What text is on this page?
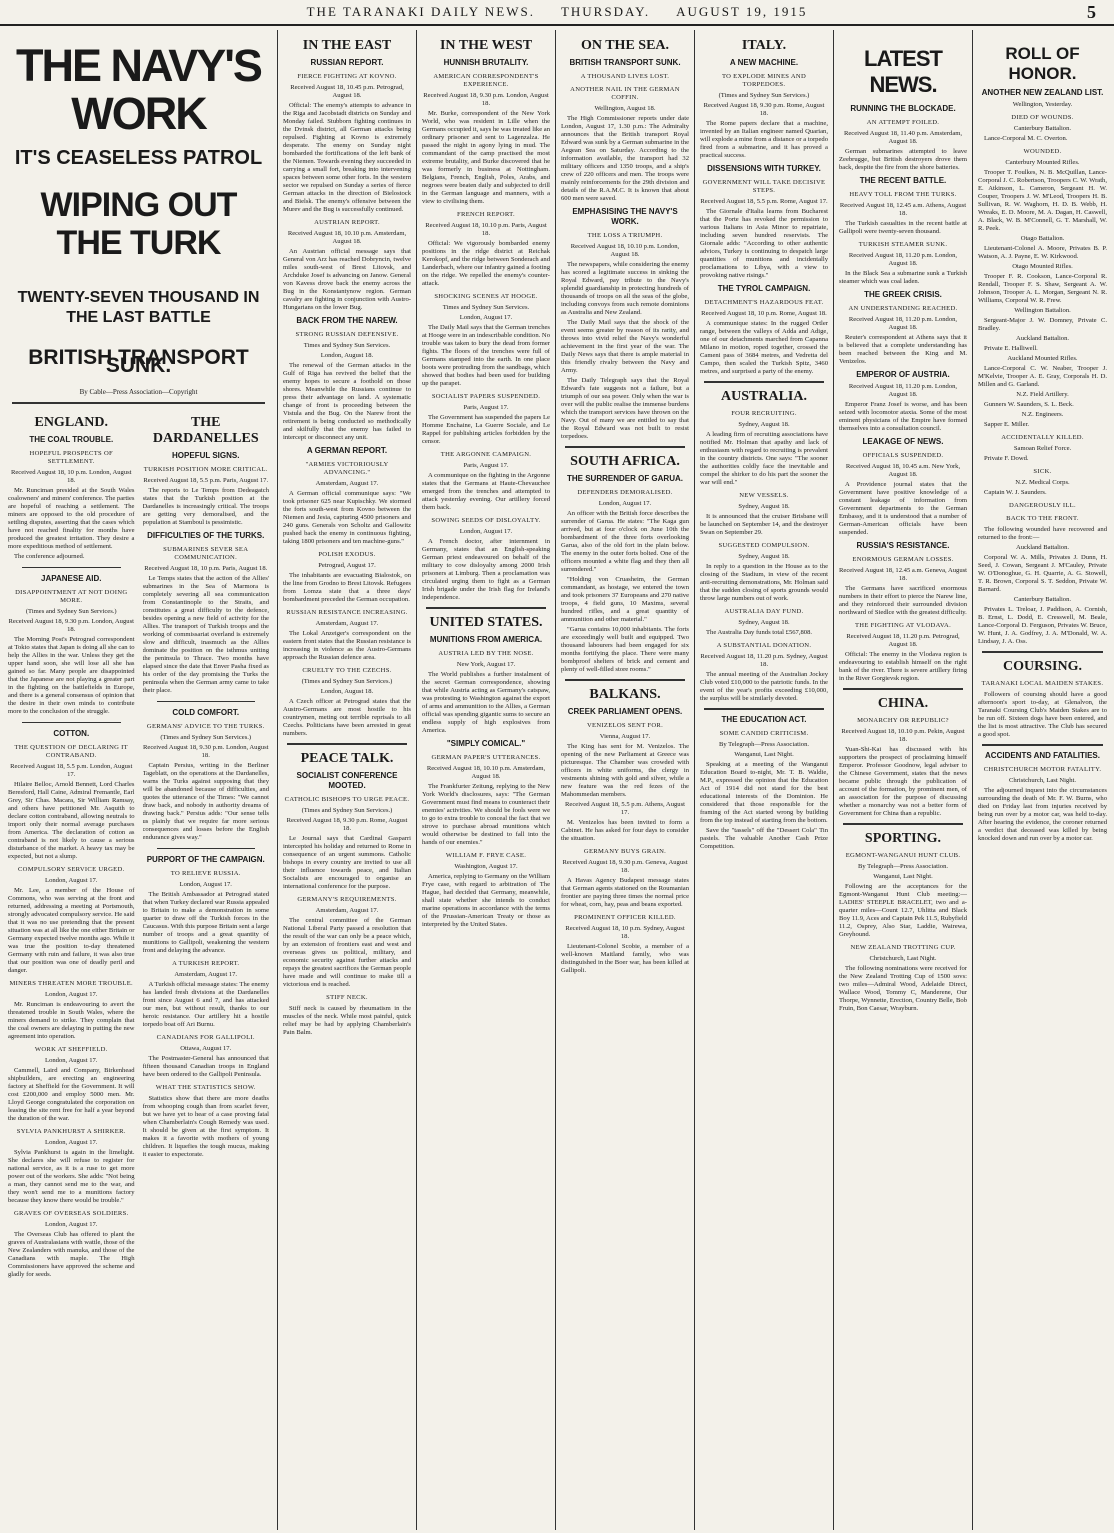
THE TARANAKI DAILY NEWS. THURSDAY. AUGUST 19, 1915	5
THE NAVY'S WORK
IT'S CEASELESS PATROL
WIPING OUT THE TURK
TWENTY-SEVEN THOUSAND IN THE LAST BATTLE
BRITISH TRANSPORT SUNK.
By Cable—Press Association—Copyright
ENGLAND.
THE COAL TROUBLE.
HOPEFUL PROSPECTS OF SETTLEMENT.
Received August 18, 10 p.m. London, August 18.

Mr. Runciman presided at the South Wales coalowners' and miners' conference. The parties are hopeful of reaching a settlement. The miners are opposed to the old procedure of settling disputes, asserting that the cases which have not reached finality for months have produced the greatest irritation. They desire a more expeditious method of settlement.

The conference adjourned.

JAPANESE AID.
DISAPPOINTMENT AT NOT DOING MORE.
(Times and Sydney Sun Services.)
Received August 18, 9.30 p.m. London, August 18.

The Morning Post's Petrograd correspondent at Tokio states that Japan is doing all she can to help the Allies in the war. Unless they get the upper hand soon, she will lose all she has gained so far. Many people are disappointed that the Japanese are not playing a greater part in the fighting on the battlefields in Europe, and there is a general consensus of opinion that the desire in their own minds to contribute more to the conclusion of the struggle.

COTTON.
THE QUESTION OF DECLARING IT CONTRABAND.
Received August 18, 5.5 p.m. London, August 17.

Hilaire Belloc, Arnold Bennett, Lord Charles Beresford, Hall Caine, Admiral Fremantle, Earl Grey, Sir Chas. Macara, Sir William Ramsay, and others have petitioned Mr. Asquith to declare cotton contraband, allowing neutrals to import only their normal average purchases from America. The declaration of cotton as contraband is not likely to cause a serious disturbance of the market. A heavy tax may be expected, but not a slump.

COMPULSORY SERVICE URGED.
London, August 17.

Mr. Lee, a member of the House of Commons, who was serving at the front and returned, addressing a meeting at Portsmouth, strongly advocated compulsory service. He said that it was no use pretending that the present situation was at all like the one either Britain or Germany expected twelve months ago. While it was true the position to-day threatened Germany with ruin and failure, it was also true that our position was one of deadly peril and danger.

MINERS THREATEN MORE TROUBLE.
London, August 17.

Mr. Runciman is endeavouring to avert the threatened trouble in South Wales, where the miners demand to strike. They complain that the coal owners are delaying in putting the new agreement into operation.

WORK AT SHEFFIELD.
London, August 17.

Cammell, Laird and Company, Birkenhead shipbuilders, are erecting an engineering factory at Sheffield for the Government. It will cost £200,000 and employ 5000 men. Mr. Lloyd George congratulated the corporation on leasing the site rent free for half a year beyond the duration of the war.

SYLVIA PANKHURST A SHIRKER.
London, August 17.

Sylvia Pankhurst is again in the limelight. She declares she will refuse to register for national service, as it is a ruse to get more power out of the workers. She adds: "Not being a man, they cannot send me to the war, and they won't send me to a munitions factory because they know there would be trouble."

GRAVES OF OVERSEAS SOLDIERS.
London, August 17.

The Overseas Club has offered to plant the graves of Australasians with wattle, those of the New Zealanders with manuka, and those of the Canadians with maple. The High Commissioners have approved the scheme and gladly for seeds.

THE DARDANELLES
HOPEFUL SIGNS.
TURKISH POSITION MORE CRITICAL.
Received August 18, 5.5 p.m. Paris, August 17.

The reports to Le Temps from Dedeagatch states that the Turkish position at the Dardanelles is increasingly critical. The troops are getting very demoralised, and the population at Stamboul is pessimistic.

DIFFICULTIES OF THE TURKS.
SUBMARINES SEVER SEA COMMUNICATION.
Received August 18, 10 p.m. Paris, August 18.

Le Temps states that the action of the Allies' submarines in the Sea of Marmora is completely severing all sea communication from Constantinople to the Straits, and constitutes a great difficulty to the defence, besides opening a new field of activity for the Allies. The transport of Turkish troops and the working of commissariat overland is extremely slow and difficult, inasmuch as the Allies dominate the position on the isthmus uniting the peninsula to Thrace. Two months have elapsed since the date that Enver Pasha fixed as his order of the day promising the Turks the peninsula when the German army came to take their place.

COLD COMFORT.
GERMANS' ADVICE TO THE TURKS.
(Times and Sydney Sun Services.)
Received August 18, 9.30 p.m. London, August 18.

Captain Persius, writing in the Berliner Tageblatt, on the operations at the Dardanelles, warns the Turks against supposing that they will be abandoned because of difficulties, and quotes the utterance of the Times: "We cannot draw back, and nobody in authority dreams of drawing back." Persius adds: "Our sense tells us plainly that we require far more serious consequences and losses before the English endurance gives way."

PURPORT OF THE CAMPAIGN.
TO RELIEVE RUSSIA.
London, August 17.

The British Ambassador at Petrograd stated that when Turkey declared war Russia appealed to Britain to make a demonstration in some quarter to draw off the Turkish forces in the Caucasus. With this purpose Britain sent a large number of troops and a great quantity of munitions to Gallipoli, weakening the western front and delaying the advance.

A TURKISH REPORT.
Amsterdam, August 17.

A Turkish official message states: The enemy has landed fresh divisions at the Dardanelles front since August 6 and 7, and has attacked our men, but without result, thanks to our heroic resistance. Our artillery hit a hostile torpedo boat off Ari Burnu.

CANADIANS FOR GALLIPOLI.
Ottawa, August 17.

The Postmaster-General has announced that fifteen thousand Canadian troops in England have been ordered to the Gallipoli Peninsula.

WHAT THE STATISTICS SHOW.

Statistics show that there are more deaths from whooping cough than from scarlet fever, but we have yet to hear of a case proving fatal when Chamberlain's Cough Remedy was used. It should be given at the first symptom. It makes it a favorite with mothers of young children. It liquefies the tough mucus, making it easier to expectorate.

IN THE EAST
RUSSIAN REPORT.
FIERCE FIGHTING AT KOVNO.
Received August 18, 10.45 p.m. Petrograd, August 18.

Official: The enemy's attempts to advance in the Riga and Jacobstadt districts on Sunday and Monday failed. Stubborn fighting continues in the Dvinsk district, all German attacks being repulsed. Fighting at Kovno is extremely desperate. The enemy on Sunday night bombarded the fortifications of the left bank of the Niemen. Towards evening they succeeded in carrying a small fort, breaking into intervening spaces between some other forts. In the western sector we repulsed on Sunday a series of fierce German attacks in the direction of Bielostock and Bielsk. The enemy's offensive between the Murev and the Bug is successfully continued.

AUSTRIAN REPORT.
Received August 18, 10.10 p.m. Amsterdam, August 18.

An Austrian official message says that General von Arz has reached Dobryncin, twelve miles south-west of Brest Litovsk, and Archduke Josef is advancing on Janow. General von Kavess drove back the enemy across the Bug in the Konstantynow region. German cavalry are fighting in conjunction with Austro-Hungarians on the lower Bug.

BACK FROM THE NAREW.
STRONG RUSSIAN DEFENSIVE.
Times and Sydney Sun Services.
London, August 18.

The renewal of the German attacks in the Gulf of Riga has revived the belief that the enemy hopes to secure a foothold on those shores. Meanwhile the Russians continue to press their advantage on land. A systematic change of front is proceeding between the Vistula and the Bug. On the Narew front the retirement is being conducted so methodically and skilfully that the enemy has failed to intercept or disconnect any unit.

A GERMAN REPORT.
"ARMIES VICTORIOUSLY ADVANCING."
Amsterdam, August 17.

A German official communique says: "We took prisoner 625 near Kupischky. We stormed the forts south-west from Kovno between the Niemen and Jesia, capturing 4500 prisoners and 240 guns. Generals von Scholtz and Gallowitz pushed back the enemy in continuous fighting, taking 1800 prisoners and ten machine-guns."

POLISH EXODUS.
Petrograd, August 17.

The inhabitants are evacuating Bialostok, on the line from Grodno to Brest Litovsk. Refugees from Lomza state that a three days' bombardment preceded the German occupation.

RUSSIAN RESISTANCE INCREASING.
Amsterdam, August 17.

The Lokal Anzeiger's correspondent on the eastern front states that the Russian resistance is increasing in violence as the Austro-Germans approach the Russian defence area.

CRUELTY TO THE CZECHS.
(Times and Sydney Sun Services.)
London, August 18.

A Czech officer at Petrograd states that the Austro-Germans are most hostile to his countrymen, meting out terrible reprisals to all Czechs. Politicians have been arrested in great numbers.

PEACE TALK.
SOCIALIST CONFERENCE MOOTED.
CATHOLIC BISHOPS TO URGE PEACE.
(Times and Sydney Sun Services.)
Received August 18, 9.30 p.m. Rome, August 18.

Le Journal says that Cardinal Gasparri intercepted his holiday and returned to Rome in consequence of an urgent summons. Catholic bishops in every country are invited to use all their influence towards peace, and Italian Socialists are encouraged to organise an international conference for the purpose.

GERMANY'S REQUIREMENTS.
Amsterdam, August 17.

The central committee of the German National Liberal Party passed a resolution that the result of the war can only be a peace which, by an extension of frontiers east and west and overseas gives us political, military, and economic security against further attacks and repays the greatest sacrifices the German people have made and will continue to make till a victorious end is reached.

STIFF NECK.

Stiff neck is caused by rheumatism in the muscles of the neck. While most painful, quick relief may be had by applying Chamberlain's Pain Balm.

IN THE WEST
HUNNISH BRUTALITY.
AMERICAN CORRESPONDENT'S EXPERIENCE.
Received August 18, 9.30 p.m. London, August 18.

Mr. Burke, correspondent of the New York World, who was resident in Lille when the Germans occupied it, says he was treated like an ordinary prisoner and sent to Lagenzalza. He passed the night in agony lying in mud. The commandant of the camp practised the most extreme brutality, and Burke discovered that he was formerly in business at Nottingham. Belgians, French, English, Poles, Arabs, and negroes were beaten daily and subjected to drill in the German language and manners, with a view to civilising them.

FRENCH REPORT.
Received August 18, 10.10 p.m. Paris, August 18.

Official: We vigorously bombarded enemy positions in the ridge district at Reichak Kerokopf, and the ridge between Sonderach and Landerbach, where our infantry gained a footing on the ridge. We repelled the enemy's counter-attack.

SHOCKING SCENES AT HOOGE.
Times and Sydney Sun Services.
London, August 17.

The Daily Mail says that the German trenches at Hooge were in an indescribable condition. No trouble was taken to bury the dead from former fights. The floors of the trenches were full of Germans stamped into the earth. In one place boots were protruding from the sandbags, which showed that bodies had been used for building up the parapet.

SOCIALIST PAPERS SUSPENDED.
Paris, August 17.

The Government has suspended the papers Le Homme Enchaine, La Guerre Sociale, and Le Rappel for publishing articles forbidden by the censor.

THE ARGONNE CAMPAIGN.
Paris, August 17.

A communique on the fighting in the Argonne states that the Germans at Haute-Chevauchee emerged from the trenches and attempted to attack yesterday evening. Our artillery forced them back.

SOWING SEEDS OF DISLOYALTY.
London, August 17.

A French doctor, after internment in Germany, states that an English-speaking German priest endeavoured on behalf of the military to cow disloyalty among 2000 Irish prisoners at Limburg. Then a proclamation was circulated urging them to fight as a German Irish brigade under the Irish flag for Ireland's independence.

UNITED STATES.
MUNITIONS FROM AMERICA.
AUSTRIA LED BY THE NOSE.
New York, August 17.

The World publishes a further instalment of the secret German correspondence, showing that while Austria acting as Germany's catspaw, was protesting to Washington against the export of arms and ammunition to the Allies, a German official was spending gigantic sums to secure an endless supply of high explosives from America.

"SIMPLY COMICAL."
GERMAN PAPER'S UTTERANCES.
Received August 18, 10.10 p.m. Amsterdam, August 18.

The Frankfurter Zeitung, replying to the New York World's disclosures, says: "The German Government must find means to counteract their enemies' activities. We should be fools were we to go to extra trouble to conceal the fact that we strove to purchase abroad munitions which would otherwise be destined to fall into the hands of our enemies."

WILLIAM F. FRYE CASE.
Washington, August 17.

America, replying to Germany on the William Frye case, with regard to arbitration of The Hague, had decided that Germany, meanwhile, shall state whether she intends to conduct marine operations in accordance with the terms of the Prussian-American Treaty or those as interpreted by the United States.

ON THE SEA.
BRITISH TRANSPORT SUNK.
A THOUSAND LIVES LOST.
ANOTHER NAIL IN THE GERMAN COFFIN.
Wellington, August 18.

The High Commissioner reports under date London, August 17, 1.30 p.m.: The Admiralty announces that the British transport Royal Edward was sunk by a German submarine in the Aegean Sea on Saturday. According to the information available, the transport had 32 military officers and 1350 troops, and a ship's crew of 220 officers and men. The troops were mainly reinforcements for the 29th division and details of the R.A.M.C. It is known that about 600 men were saved.

EMPHASISING THE NAVY'S WORK.
THE LOSS A TRIUMPH.
Received August 18, 10.10 p.m. London, August 18.

The newspapers, while considering the enemy has scored a legitimate success in sinking the Royal Edward, pay tribute to the Navy's splendid guardianship in protecting hundreds of thousands of troops on all the seas of the globe, including convoys from such remote dominions as Australia and New Zealand.

The Daily Mail says that the shock of the event seems greater by reason of its rarity, and throws into vivid relief the Navy's wonderful achievement in the first year of the war. The Daily News says that there is ample material in this friendly rivalry between the Navy and Army.

The Daily Telegraph says that the Royal Edward's fate suggests not a failure, but a triumph of our sea power. Only when the war is over will the public realise the immense burdens which the transport services have thrown on the Navy. Out of many we are entitled to say that the Royal Edward was not built to resist torpedoes.

SOUTH AFRICA.
THE SURRENDER OF GARUA.
DEFENDERS DEMORALISED.
London, August 17.

An officer with the British force describes the surrender of Garua. He states: "The Kaga gun arrived, but at four o'clock on June 10th the bombardment of the three forts overlooking Garua, also of the old fort in the plain below. The enemy in the outer forts bolted. One of the officers mounted a white flag and they then all surrendered."

"Holding von Cruasheim, the German commandant, as hostage, we entered the town and took prisoners 37 Europeans and 270 native troops, 4 field guns, 10 Maxims, several hundred rifles, and a great quantity of ammunition and other material."

"Garua contains 10,000 inhabitants. The forts are exceedingly well built and equipped. Two thousand labourers had been engaged for six months fortifying the place. There were many bombproof shelters of brick and cement and plenty of well-filled store rooms."

BALKANS.
CREEK PARLIAMENT OPENS.
VENIZELOS SENT FOR.
Vienna, August 17.

The King has sent for M. Venizelos. The opening of the new Parliament at Greece was picturesque. The Chamber was crowded with officers in white uniforms, the clergy in vestments shining with gold and silver, while a new feature was the red fezes of the Mahommedan members.

Received August 18, 5.5 p.m. Athens, August 17.

M. Venizelos has been invited to form a Cabinet. He has asked for four days to consider the situation.

GERMANY BUYS GRAIN.
Received August 18, 9.30 p.m. Geneva, August 18.

A Havas Agency Budapest message states that German agents stationed on the Roumanian frontier are paying three times the normal price for wheat, corn, hay, peas and beans exported.

PROMINENT OFFICER KILLED.
Received August 18, 10 p.m. Sydney, August 18.

Lieutenant-Colonel Scobie, a member of a well-known Maitland family, who was distinguished in the Boer war, has been killed at Gallipoli.

ITALY.
A NEW MACHINE.
TO EXPLODE MINES AND TORPEDOES.
(Times and Sydney Sun Services.)
Received August 18, 9.30 p.m. Rome, August 18.

The Rome papers declare that a machine, invented by an Italian engineer named Quarian, will explode a mine from a distance or a torpedo fired from a submarine, and it has proved a practical success.

DISSENSIONS WITH TURKEY.
GOVERNMENT WILL TAKE DECISIVE STEPS.
Received August 18, 5.5 p.m. Rome, August 17.

The Giornale d'Italia learns from Bucharest that the Porte has revoked the permission to various Italians in Asia Minor to repatriate, including seven hundred reservists. The Giornale adds: "According to other authentic advices, Turkey is continuing to despatch large quantities of munitions and incidentally proclamations to Libya, with a view to provoking native risings."

THE TYROL CAMPAIGN.
DETACHMENT'S HAZARDOUS FEAT.
Received August 18, 10 p.m. Rome, August 18.

A communique states: In the rugged Ortler range, between the valleys of Adda and Adige, one of our detachments marched from Capanna Milano in motion, roped together, crossed the Cameni pass of 3684 metres, and Vedretta del Campo, then scaled the Turkish Spitz, 3460 metres, and surprised a party of the enemy.

AUSTRALIA.
FOUR RECRUITING.
Sydney, August 18.

A leading firm of recruiting associations have notified Mr. Holman that apathy and lack of enthusiasm with regard to recruiting is prevalent in the country districts. One says: "The sooner the authorities coldly face the inevitable and compel the shirker to do his part the sooner the war will end."

NEW VESSELS.
Sydney, August 18.

It is announced that the cruiser Brisbane will be launched on September 14, and the destroyer Swan on September 29.

SUGGESTED COMPULSION.
Sydney, August 18.

In reply to a question in the House as to the closing of the Stadium, in view of the recent anti-recruiting demonstrations, Mr. Holman said that the sudden closing of sports grounds would throw large numbers out of work.

AUSTRALIA DAY FUND.
Sydney, August 18.

The Australia Day funds total £567,808.

A SUBSTANTIAL DONATION.
Received August 18, 11.20 p.m. Sydney, August 18.

The annual meeting of the Australian Jockey Club voted £10,000 to the patriotic funds. In the event of the year's profits exceeding £10,000, the surplus will be similarly devoted.

THE EDUCATION ACT.
SOME CANDID CRITICISM.
By Telegraph—Press Association.
Wanganui, Last Night.

Speaking at a meeting of the Wanganui Education Board to-night, Mr. T. B. Waldie, M.P., expressed the opinion that the Education Act of 1914 did not stand for the best educational interests of the Dominion. He considered that those responsible for the framing of the Act started wrong by building from the top instead of starting from the bottom.

Save the "tassels" off the "Dessert Cola" Tin pastels. The valuable Another Cash Prize Competition.

LATEST NEWS.
RUNNING THE BLOCKADE.
AN ATTEMPT FOILED.
Received August 18, 11.40 p.m. Amsterdam, August 18.

German submarines attempted to leave Zeebrugge, but British destroyers drove them back, despite the fire from the shore batteries.

THE RECENT BATTLE.
HEAVY TOLL FROM THE TURKS.
Received August 18, 12.45 a.m. Athens, August 18.

The Turkish casualties in the recent battle at Gallipoli were twenty-seven thousand.

TURKISH STEAMER SUNK.
Received August 18, 11.20 p.m. London, August 18.

In the Black Sea a submarine sunk a Turkish steamer which was coal laden.

THE GREEK CRISIS.
AN UNDERSTANDING REACHED.
Received August 18, 11.20 p.m. London, August 18.

Reuter's correspondent at Athens says that it is believed that a complete understanding has been reached between the King and M. Venizelos.

EMPEROR OF AUSTRIA.
Received August 18, 11.20 p.m. London, August 18.

Emperor Franz Josef is worse, and has been seized with locomotor ataxia. Some of the most eminent physicians of the Empire have formed themselves into a consultation council.

LEAKAGE OF NEWS.
OFFICIALS SUSPENDED.
Received August 18, 10.45 a.m. New York, August 18.

A Providence journal states that the Government have positive knowledge of a constant leakage of information from Government departments to the German Embassy, and it is understood that a number of German-American officials have been suspended.

RUSSIA'S RESISTANCE.
ENORMOUS GERMAN LOSSES.
Received August 18, 12.45 a.m. Geneva, August 18.

The Germans have sacrificed enormous numbers in their effort to pierce the Narew line, and they reinforced their surrounded division northward of Siedlce with the greatest difficulty.

THE FIGHTING AT VLODAVA.
Received August 18, 11.20 p.m. Petrograd, August 18.

Official: The enemy in the Vlodava region is endeavouring to establish himself on the right bank of the river. There is severe artillery firing in the River Gorgievsk region.

CHINA.
MONARCHY OR REPUBLIC?
Received August 18, 10.10 p.m. Pekin, August 18.

Yuan-Shi-Kai has discussed with his supporters the prospect of proclaiming himself Emperor. Professor Goodnow, legal adviser to the Chinese Government, states that the news became public through the publication of account of the formation, by prominent men, of an association for the purpose of discussing whether a monarchy was not a better form of Government for China than a republic.

SPORTING.
EGMONT-WANGANUI HUNT CLUB.
By Telegraph—Press Association.
Wanganui, Last Night.

Following are the acceptances for the Egmont-Wanganui Hunt Club meeting:—LADIES' STEEPLE BRACELET, two and a-quarter miles—Count 12.7, Uhlitta and Black Boy 11.9, Aces and Captain Pek 11.5, Rubyfield 11.2, Osprey, Also Star, Laddie, Wairewa, Greyhound.

NEW ZEALAND TROTTING CUP.
Christchurch, Last Night.

The following nominations were received for the New Zealand Trotting Cup of 1500 sovs: two miles—Admiral Wood, Adelaide Direct, Wallace Wood, Tommy C, Manderene, Our Thorpe, Wynnette, Erection, Country Belle, Bob Fruin, Bon Caesar, Wrayburn.

ROLL OF HONOR.
ANOTHER NEW ZEALAND LIST.
Wellington, Yesterday.
DIED OF WOUNDS.
Canterbury Battalion.

Lance-Corporal M. C. Overton.

WOUNDED.
Canterbury Mounted Rifles.

Trooper T. Foulkes, N. B. McQuillan, Lance-Corporal J. C. Robertson, Troopers C. W. Wrath, E. Atkinson, L. Cameron, Sergeant H. W. Couper, Troopers J. W. M'Leod, Troopers H. B. Sullivan, R. W. Waghorn, H. D. B. Webb, H. Wreaks, E. D. Moore, M. A. Dagan, H. Caswell, A. Black, W. B. M'Connell, G. T. Marshall, W. R. Peek.

Otago Battalion.

Lieutenant-Colonel A. Moore, Privates B. P. Watson, A. J. Payne, E. W. Kirkwood.

Otago Mounted Rifles.

Trooper F. R. Cookson, Lance-Corporal R. Rendall, Trooper F. S. Shaw, Sergeant A. W. Johnson, Trooper A. L. Morgan, Sergeant N. R. Williams, Corporal W. R. Frew.

Wellington Battalion.

Sergeant-Major J. W. Domney, Private C. Bradley.

Auckland Battalion.

Private E. Halliwell.

Auckland Mounted Rifles.

Lance-Corporal C. W. Neaber, Trooper J. M'Kelvie, Trooper A. E. Gray, Corporals H. D. Millen and G. Garland.

N.Z. Field Artillery.

Gunners W. Saunders, S. L. Beck.

N.Z. Engineers.

Sapper E. Miller.

ACCIDENTALLY KILLED.
Samoan Relief Force.

Private F. Dowd.

SICK.
N.Z. Medical Corps.

Captain W. J. Saunders.

DANGEROUSLY ILL.
BACK TO THE FRONT.

The following wounded have recovered and returned to the front:—

Auckland Battalion.

Corporal W. A. Mills, Privates J. Dunn, H. Seed, J. Cowan, Sergeant J. M'Cauley, Private W. O'Donoghue, G. H. Quarrie, A. G. Stowell, T. R. Brown, Corporal S. T. Seddon, Private W. Barnard.

Canterbury Battalion.

Privates L. Treloar, J. Paddison, A. Cornish, B. Ernst, L. Dodd, E. Cresswell, M. Beale, Lance-Corporal D. Ferguson, Privates W. Bruce, W. Hunt, J. A. Godfrey, J. A. M'Donald, W. A. Lindsay, J. A. Oss.

COURSING.
TARANAKI LOCAL MAIDEN STAKES.

Followers of coursing should have a good afternoon's sport to-day, at Glenalvon, the Taranaki Coursing Club's Maiden Stakes are to be run off. Sixteen dogs have been entered, and the list is most attractive. The Club has secured a good spot.

ACCIDENTS AND FATALITIES.
CHRISTCHURCH MOTOR FATALITY.
Christchurch, Last Night.

The adjourned inquest into the circumstances surrounding the death of Mr. F. W. Burns, who died on Friday last from injuries received by being run over by a motor car, was held to-day. After hearing the evidence, the coroner returned a verdict that deceased was killed by being knocked down and run over by a motor car.
